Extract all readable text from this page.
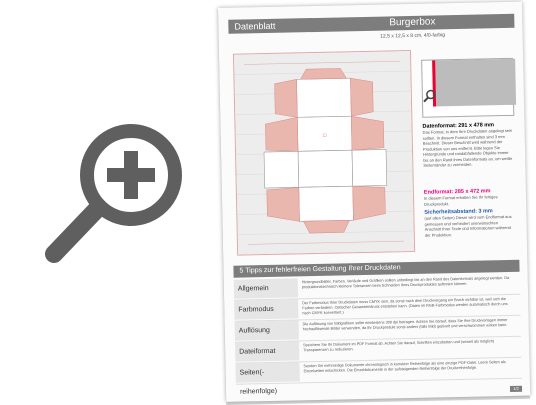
Datenblatt	Burgerbox
12,5 x 12,5 x 8 cm, 4/0-farbig
□
Datenformat: 291 x 478 mm
Das Format, in dem Ihre Druckdaten angelegt sein sollten. In diesem Format enthalten sind 3 mm Beschnitt. Dieser Beschnitt wird während der Produktion von uns entfernt. Bitte legen Sie Hintergründe und randabfallende Objekte immer bis an den Rand ihres Datenformats an, um weiße Seitenränder zu vermeiden.
Endformat: 285 x 472 mm
In diesem Format erhalten Sie Ihr fertiges Druckprodukt.
Sicherheitsabstand: 3 mm
(auf allen Seiten) Dieser wird vom Endformat aus gemessen und verhindert unerwünschten Anschnitt Ihrer Texte und Informationen während der Produktion.
5 Tipps zur fehlerfreien Gestaltung Ihrer Druckdaten
Allgemein
Hintergrundbilder, Farben, Verläufe und Grafiken sollten unbedingt bis an den Rand des Datenformats angelegt werden. Da produktionstechnisch kleinere Toleranzen beim Schneiden Ihres Druckproduktes auftreten können.
Farbmodus
Der Farbmodus Ihrer Druckdaten muss CMYK sein, da sonst nach dem Druckvorgang ein Bruch sichtbar ist, weil sich die Farben verändern. Optischer Gesamteindruck entstehen kann. (Daten im RGB-Farbmodus werden automatisch durch uns nach CMYK konvertiert.)
Auflösung
Die Auflösung von Bildgrafiken sollte mindestens 300 dpi betragen. Achten Sie darauf, dass Sie Ihre Druckvorlagen immer hochauflösende Bilder verwenden, da Ihr Druckprodukt sonst anders (falls Bild) gepixelt und verschwommen wirken kann.
Dateiformat
Speichern Sie Ihr Dokument im PDF Format ab. Achten Sie darauf, Schriften einzubetten und (soweit als möglich) Transparenzen zu reduzieren.
Seiten(-reihenfolge)
Senden Sie mehrseitige Dokumente chronologisch in korrekter Reihenfolge als eine einzige PDF-Datei. Leere Seiten als Einzelseiten mitschicken. Die Einzeldokumente in der aufsteigenden Reihenfolge der Druckreihenfolge.
1/2
